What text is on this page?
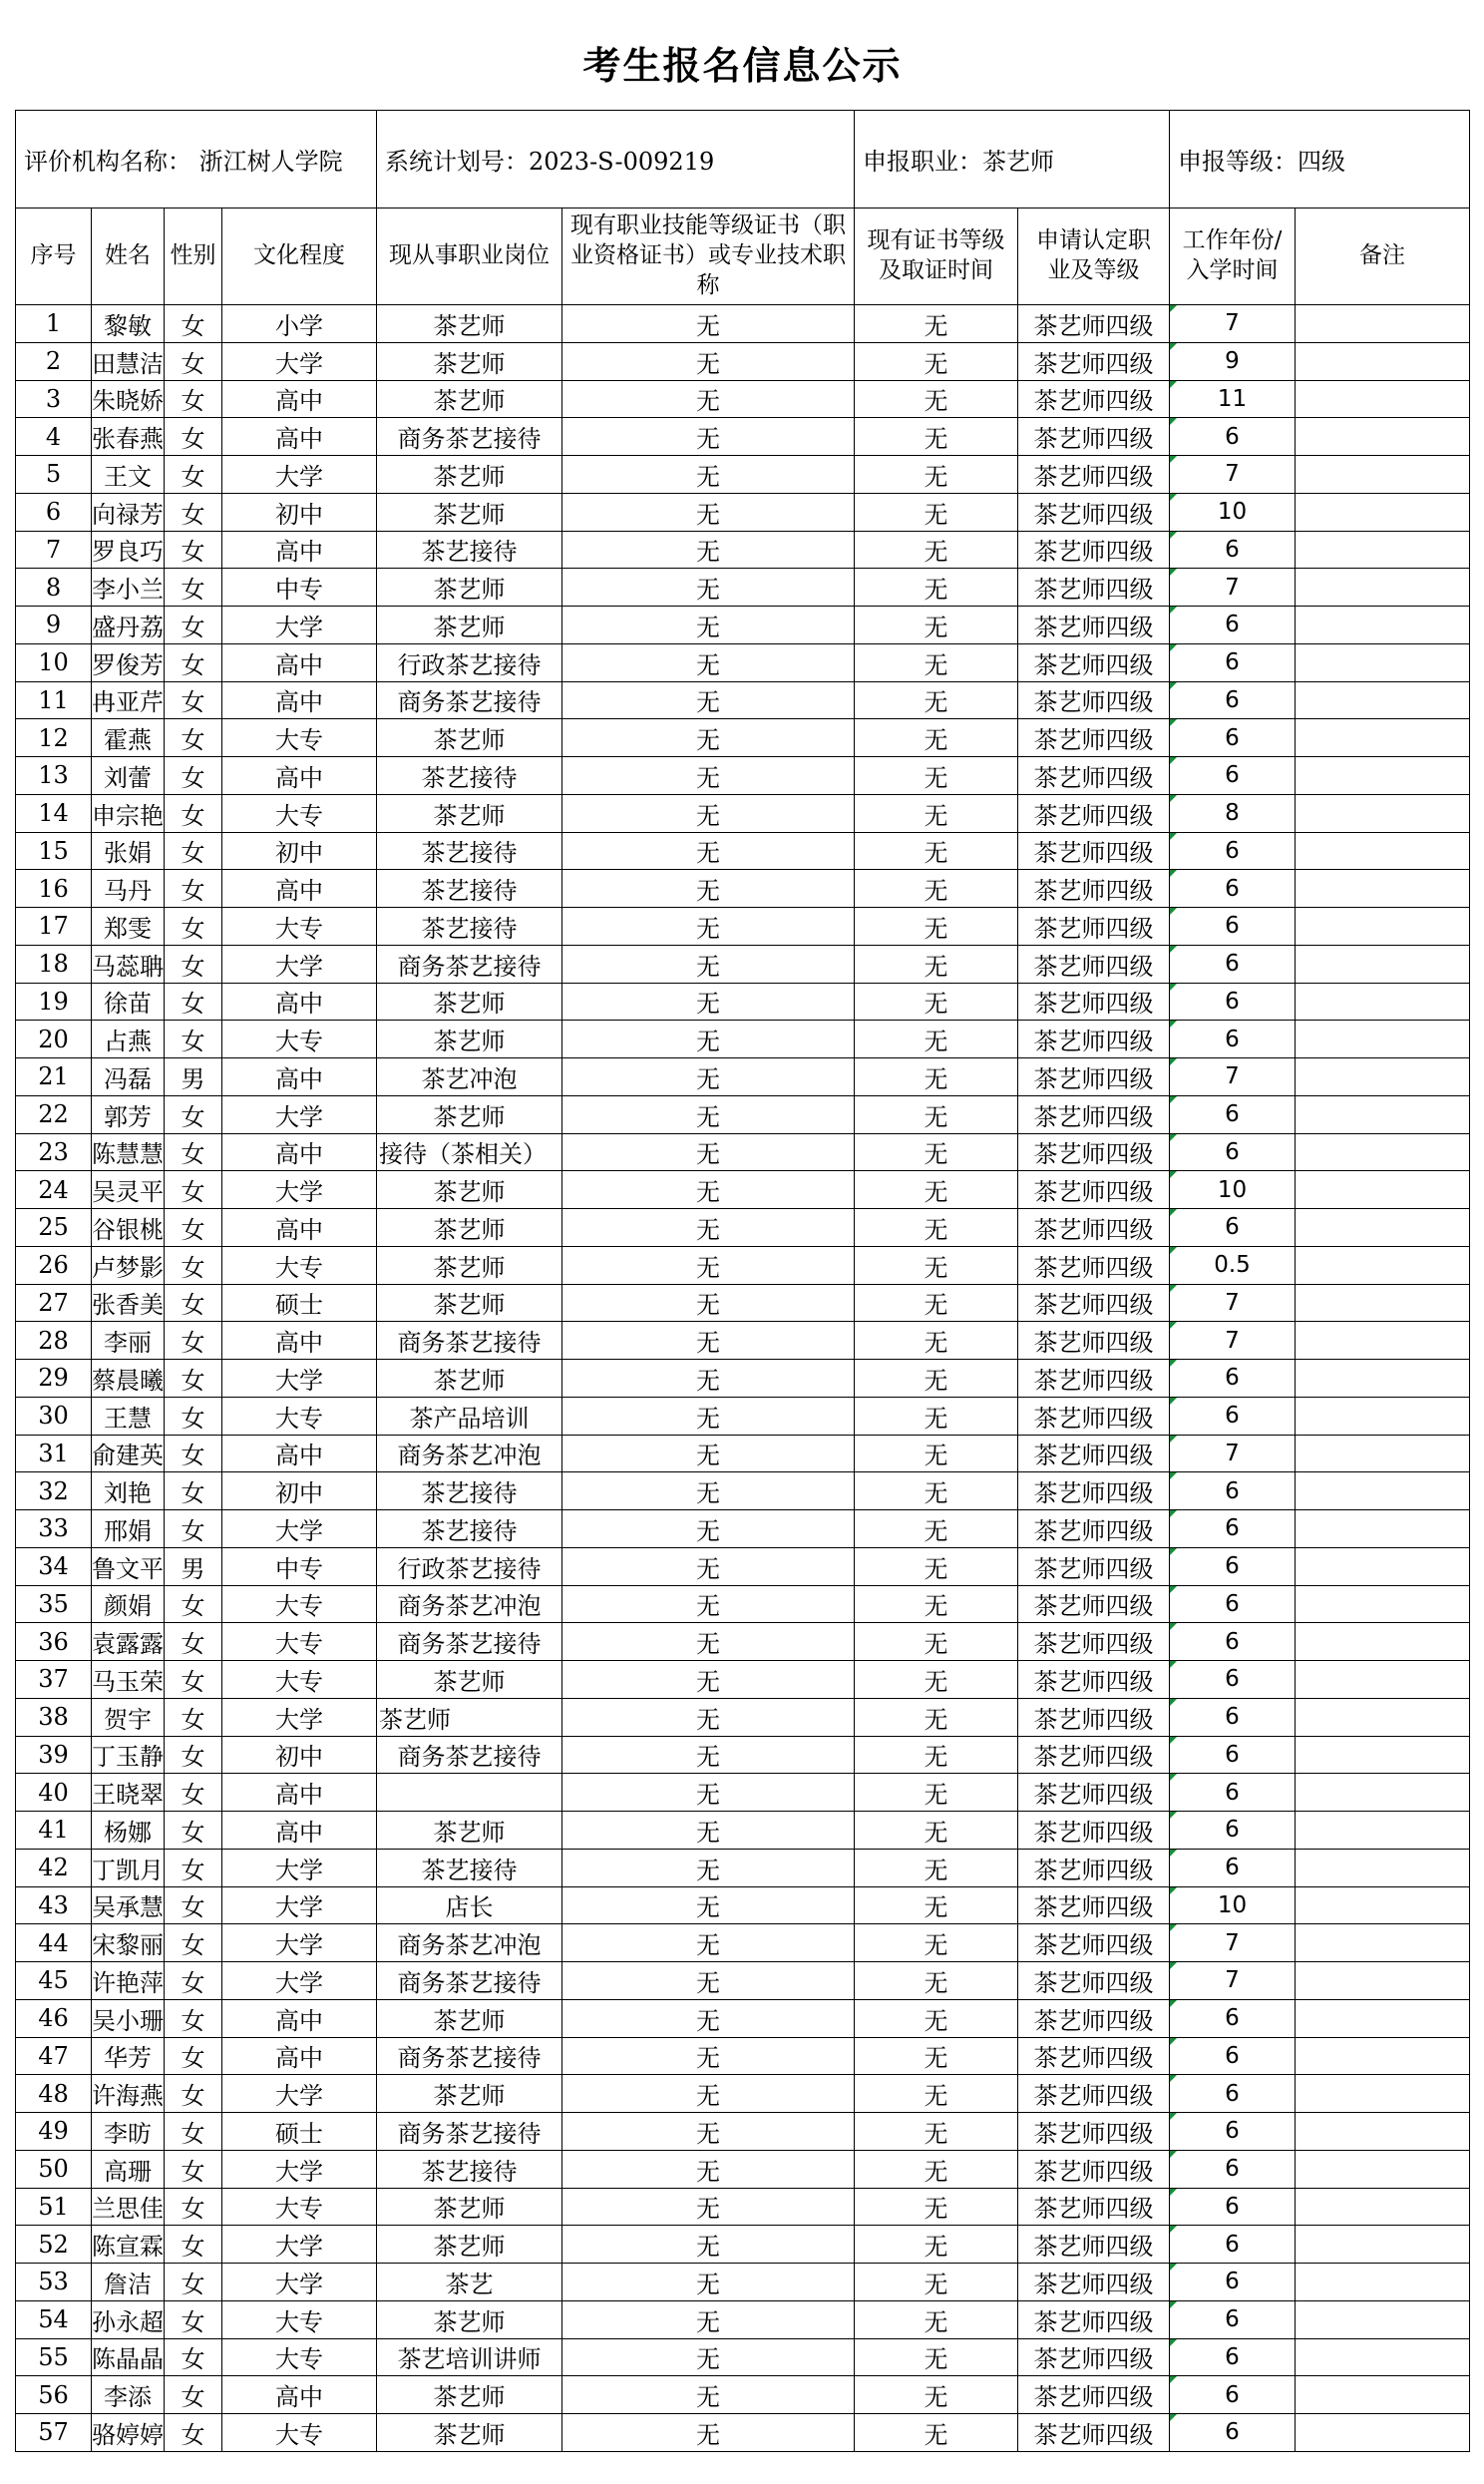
考生报名信息公示									
评价机构名称： 浙江树人学院				系统计划号：2023-S-009219		申报职业：茶艺师		申报等级：四级	
序号	姓名	性别	文化程度	现从事职业岗位	现有职业技能等级证书（职业资格证书）或专业技术职称	现有证书等级及取证时间	申请认定职业及等级	工作年份/入学时间	备注
1	黎敏	女	小学	茶艺师	无	无	茶艺师四级	7	
2	田慧洁	女	大学	茶艺师	无	无	茶艺师四级	9	
3	朱晓娇	女	高中	茶艺师	无	无	茶艺师四级	11	
4	张春燕	女	高中	商务茶艺接待	无	无	茶艺师四级	6	
5	王文	女	大学	茶艺师	无	无	茶艺师四级	7	
6	向禄芳	女	初中	茶艺师	无	无	茶艺师四级	10	
7	罗良巧	女	高中	茶艺接待	无	无	茶艺师四级	6	
8	李小兰	女	中专	茶艺师	无	无	茶艺师四级	7	
9	盛丹荔	女	大学	茶艺师	无	无	茶艺师四级	6	
10	罗俊芳	女	高中	行政茶艺接待	无	无	茶艺师四级	6	
11	冉亚芹	女	高中	商务茶艺接待	无	无	茶艺师四级	6	
12	霍燕	女	大专	茶艺师	无	无	茶艺师四级	6	
13	刘蕾	女	高中	茶艺接待	无	无	茶艺师四级	6	
14	申宗艳	女	大专	茶艺师	无	无	茶艺师四级	8	
15	张娟	女	初中	茶艺接待	无	无	茶艺师四级	6	
16	马丹	女	高中	茶艺接待	无	无	茶艺师四级	6	
17	郑雯	女	大专	茶艺接待	无	无	茶艺师四级	6	
18	马蕊聃	女	大学	商务茶艺接待	无	无	茶艺师四级	6	
19	徐苗	女	高中	茶艺师	无	无	茶艺师四级	6	
20	占燕	女	大专	茶艺师	无	无	茶艺师四级	6	
21	冯磊	男	高中	茶艺冲泡	无	无	茶艺师四级	7	
22	郭芳	女	大学	茶艺师	无	无	茶艺师四级	6	
23	陈慧慧	女	高中	接待（茶相关）	无	无	茶艺师四级	6	
24	吴灵平	女	大学	茶艺师	无	无	茶艺师四级	10	
25	谷银桃	女	高中	茶艺师	无	无	茶艺师四级	6	
26	卢梦影	女	大专	茶艺师	无	无	茶艺师四级	0.5	
27	张香美	女	硕士	茶艺师	无	无	茶艺师四级	7	
28	李丽	女	高中	商务茶艺接待	无	无	茶艺师四级	7	
29	蔡晨曦	女	大学	茶艺师	无	无	茶艺师四级	6	
30	王慧	女	大专	茶产品培训	无	无	茶艺师四级	6	
31	俞建英	女	高中	商务茶艺冲泡	无	无	茶艺师四级	7	
32	刘艳	女	初中	茶艺接待	无	无	茶艺师四级	6	
33	邢娟	女	大学	茶艺接待	无	无	茶艺师四级	6	
34	鲁文平	男	中专	行政茶艺接待	无	无	茶艺师四级	6	
35	颜娟	女	大专	商务茶艺冲泡	无	无	茶艺师四级	6	
36	袁露露	女	大专	商务茶艺接待	无	无	茶艺师四级	6	
37	马玉荣	女	大专	茶艺师	无	无	茶艺师四级	6	
38	贺宇	女	大学	茶艺师	无	无	茶艺师四级	6	
39	丁玉静	女	初中	商务茶艺接待	无	无	茶艺师四级	6	
40	王晓翠	女	高中		无	无	茶艺师四级	6	
41	杨娜	女	高中	茶艺师	无	无	茶艺师四级	6	
42	丁凯月	女	大学	茶艺接待	无	无	茶艺师四级	6	
43	吴承慧	女	大学	店长	无	无	茶艺师四级	10	
44	宋黎丽	女	大学	商务茶艺冲泡	无	无	茶艺师四级	7	
45	许艳萍	女	大学	商务茶艺接待	无	无	茶艺师四级	7	
46	吴小珊	女	高中	茶艺师	无	无	茶艺师四级	6	
47	华芳	女	高中	商务茶艺接待	无	无	茶艺师四级	6	
48	许海燕	女	大学	茶艺师	无	无	茶艺师四级	6	
49	李昉	女	硕士	商务茶艺接待	无	无	茶艺师四级	6	
50	高珊	女	大学	茶艺接待	无	无	茶艺师四级	6	
51	兰思佳	女	大专	茶艺师	无	无	茶艺师四级	6	
52	陈宣霖	女	大学	茶艺师	无	无	茶艺师四级	6	
53	詹洁	女	大学	茶艺	无	无	茶艺师四级	6	
54	孙永超	女	大专	茶艺师	无	无	茶艺师四级	6	
55	陈晶晶	女	大专	茶艺培训讲师	无	无	茶艺师四级	6	
56	李添	女	高中	茶艺师	无	无	茶艺师四级	6	
57	骆婷婷	女	大专	茶艺师	无	无	茶艺师四级	6	
